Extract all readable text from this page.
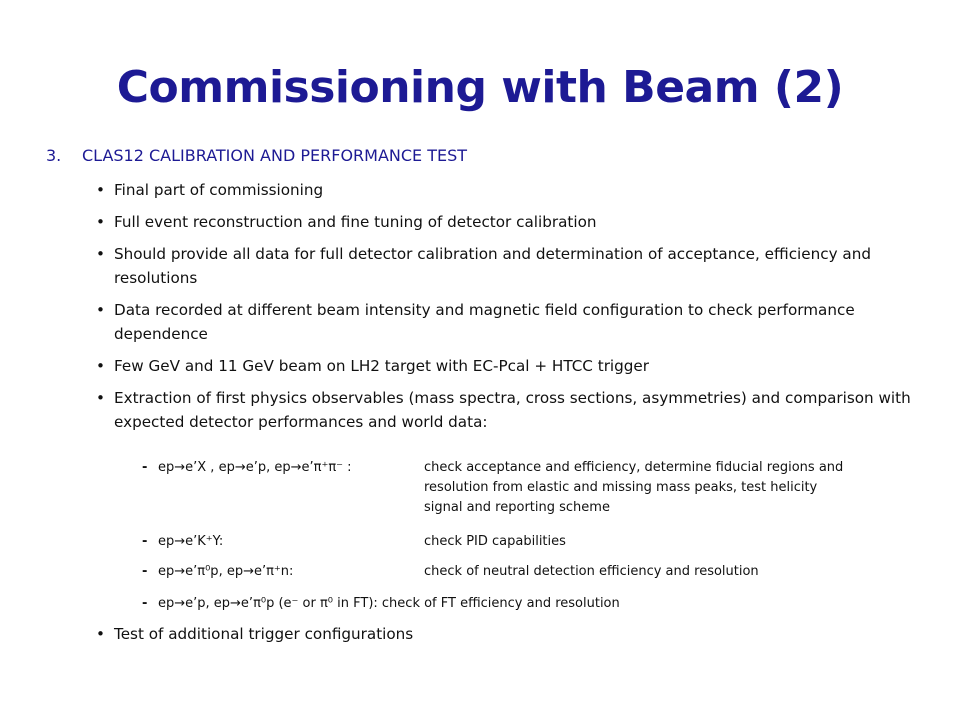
Commissioning with Beam (2)
3. CLAS12 CALIBRATION AND PERFORMANCE TEST
• Final part of commissioning
• Full event reconstruction and fine tuning of detector calibration
• Should provide all data for full detector calibration and determination of acceptance, efficiency and resolutions
• Data recorded at different beam intensity and magnetic field configuration to check performance dependence
• Few GeV and 11 GeV beam on LH2 target with EC-Pcal + HTCC trigger
• Extraction of first physics observables (mass spectra, cross sections, asymmetries) and comparison with expected detector performances and world data:
- ep→e’X , ep→e’p, ep→e’π⁺π⁻ :	check acceptance and efficiency, determine fiducial regions and resolution from elastic and missing mass peaks, test helicity signal and reporting scheme
- ep→e’K⁺Y:	check PID capabilities
- ep→e’π⁰p, ep→e’π⁺n:	check of neutral detection efficiency and resolution
- ep→e’p, ep→e’π⁰p (e⁻ or π⁰ in FT): check of FT efficiency and resolution
• Test of additional trigger configurations
